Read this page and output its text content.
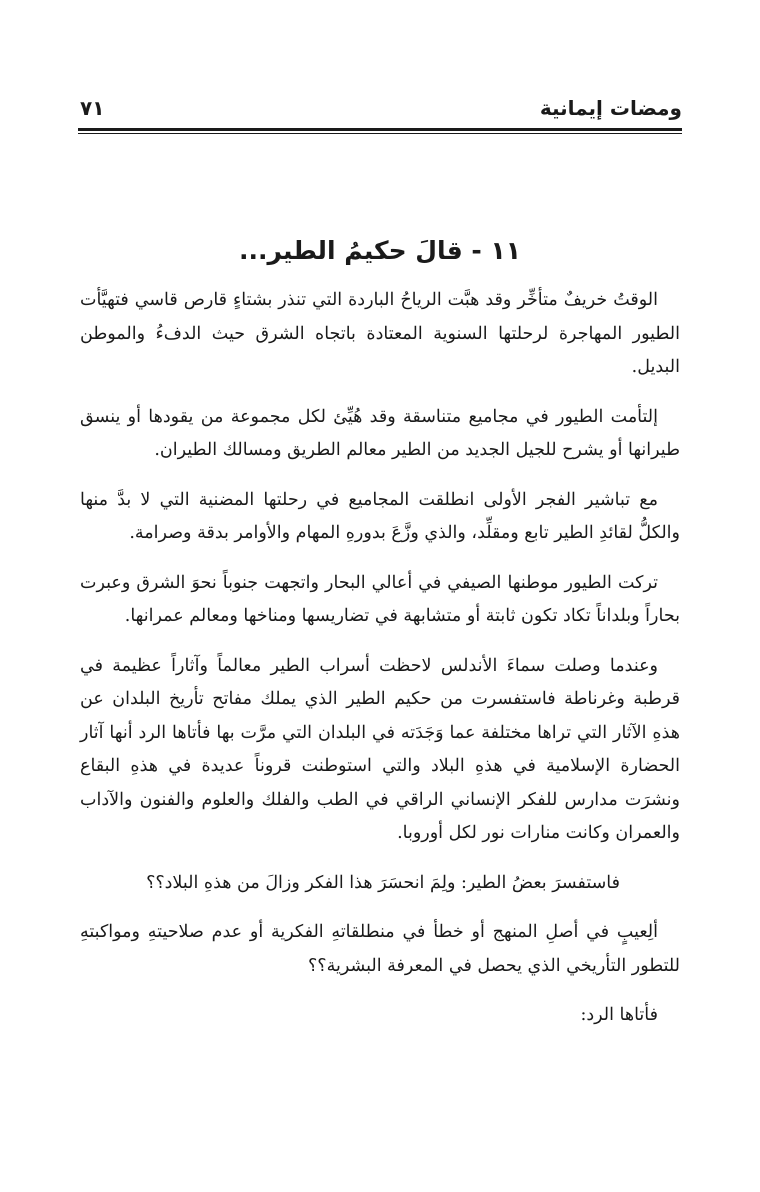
ومضات إيمانية
٧١
١١ - قالَ حكيمُ الطير...

الوقتُ خريفٌ متأخِّر وقد هبَّت الرياحُ الباردة التي تنذر بشتاءٍ قارص قاسي فتهيَّأت الطيور المهاجرة لرحلتها السنوية المعتادة باتجاه الشرق حيث الدفءُ والموطن البديل.

إلتأمت الطيور في مجاميع متناسقة وقد هُيِّئ لكل مجموعة من يقودها أو ينسق طيرانها أو يشرح للجيل الجديد من الطير معالم الطريق ومسالك الطيران.

مع تباشير الفجر الأولى انطلقت المجاميع في رحلتها المضنية التي لا بدَّ منها والكلُّ لقائدِ الطير تابع ومقلِّد، والذي وزَّعَ بدورهِ المهام والأوامر بدقة وصرامة.

تركت الطيور موطنها الصيفي في أعالي البحار واتجهت جنوباً نحوَ الشرق وعبرت بحاراً وبلداناً تكاد تكون ثابتة أو متشابهة في تضاريسها ومناخها ومعالم عمرانها.

وعندما وصلت سماءَ الأندلس لاحظت أسراب الطير معالماً وآثاراً عظيمة في قرطبة وغرناطة فاستفسرت من حكيم الطير الذي يملك مفاتح تأريخ البلدان عن هذهِ الآثار التي تراها مختلفة عما وَجَدَته في البلدان التي مرَّت بها فأتاها الرد أنها آثار الحضارة الإسلامية في هذهِ البلاد والتي استوطنت قروناً عديدة في هذهِ البقاع ونشرَت مدارس للفكر الإنساني الراقي في الطب والفلك والعلوم والفنون والآداب والعمران وكانت منارات نور لكل أوروبا.

فاستفسرَ بعضُ الطير: ولِمَ انحسَرَ هذا الفكر وزالَ من هذهِ البلاد؟؟

ألِعيبٍ في أصلِ المنهج أو خطأ في منطلقاتهِ الفكرية أو عدم صلاحيتهِ ومواكبتهِ للتطور التأريخي الذي يحصل في المعرفة البشرية؟؟

فأتاها الرد:
